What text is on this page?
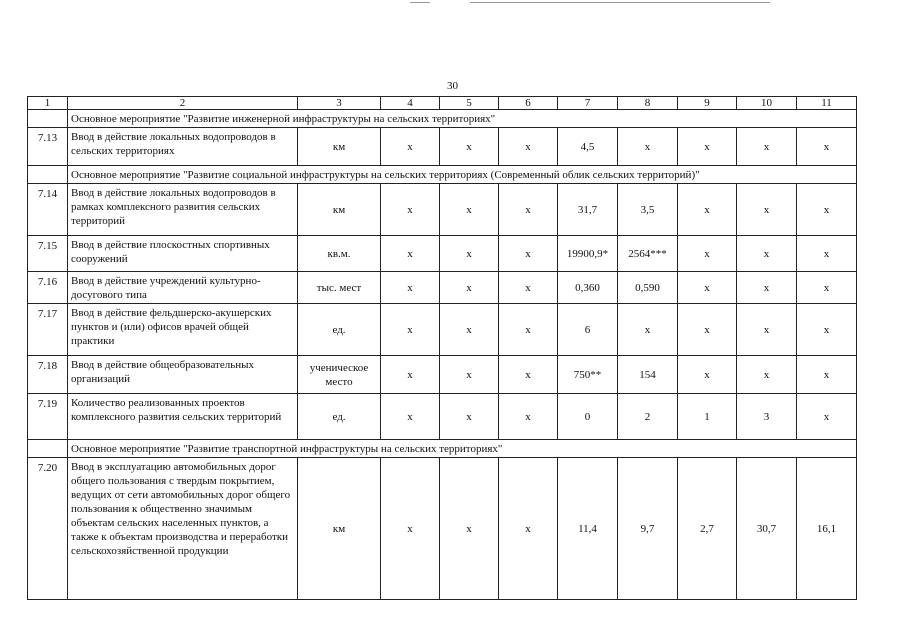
30
1	2	3	4	5	6	7	8	9	10	11
	Основное мероприятие "Развитие инженерной инфраструктуры на сельских территориях"									
7.13	Ввод в действие локальных водопроводов в сельских территориях	км	х	х	х	4,5	х	х	х	х
	Основное мероприятие "Развитие социальной инфраструктуры на сельских территориях (Современный облик сельских территорий)"									
7.14	Ввод в действие локальных водопроводов в рамках комплексного развития сельских территорий	км	х	х	х	31,7	3,5	х	х	х
7.15	Ввод в действие плоскостных спортивных сооружений	кв.м.	х	х	х	19900,9*	2564***	х	х	х
7.16	Ввод в действие учреждений культурно-досугового типа	тыс. мест	х	х	х	0,360	0,590	х	х	х
7.17	Ввод в действие фельдшерско-акушерских пунктов и (или) офисов врачей общей практики	ед.	х	х	х	6	х	х	х	х
7.18	Ввод в действие общеобразовательных организаций	ученическое место	х	х	х	750**	154	х	х	х
7.19	Количество реализованных проектов комплексного развития сельских территорий	ед.	х	х	х	0	2	1	3	х
	Основное мероприятие "Развитие транспортной инфраструктуры на сельских территориях"									
7.20	Ввод в эксплуатацию автомобильных дорог общего пользования с твердым покрытием, ведущих от сети автомобильных дорог общего пользования к общественно значимым объектам сельских населенных пунктов, а также к объектам производства и переработки сельскохозяйственной продукции	км	х	х	х	11,4	9,7	2,7	30,7	16,1
